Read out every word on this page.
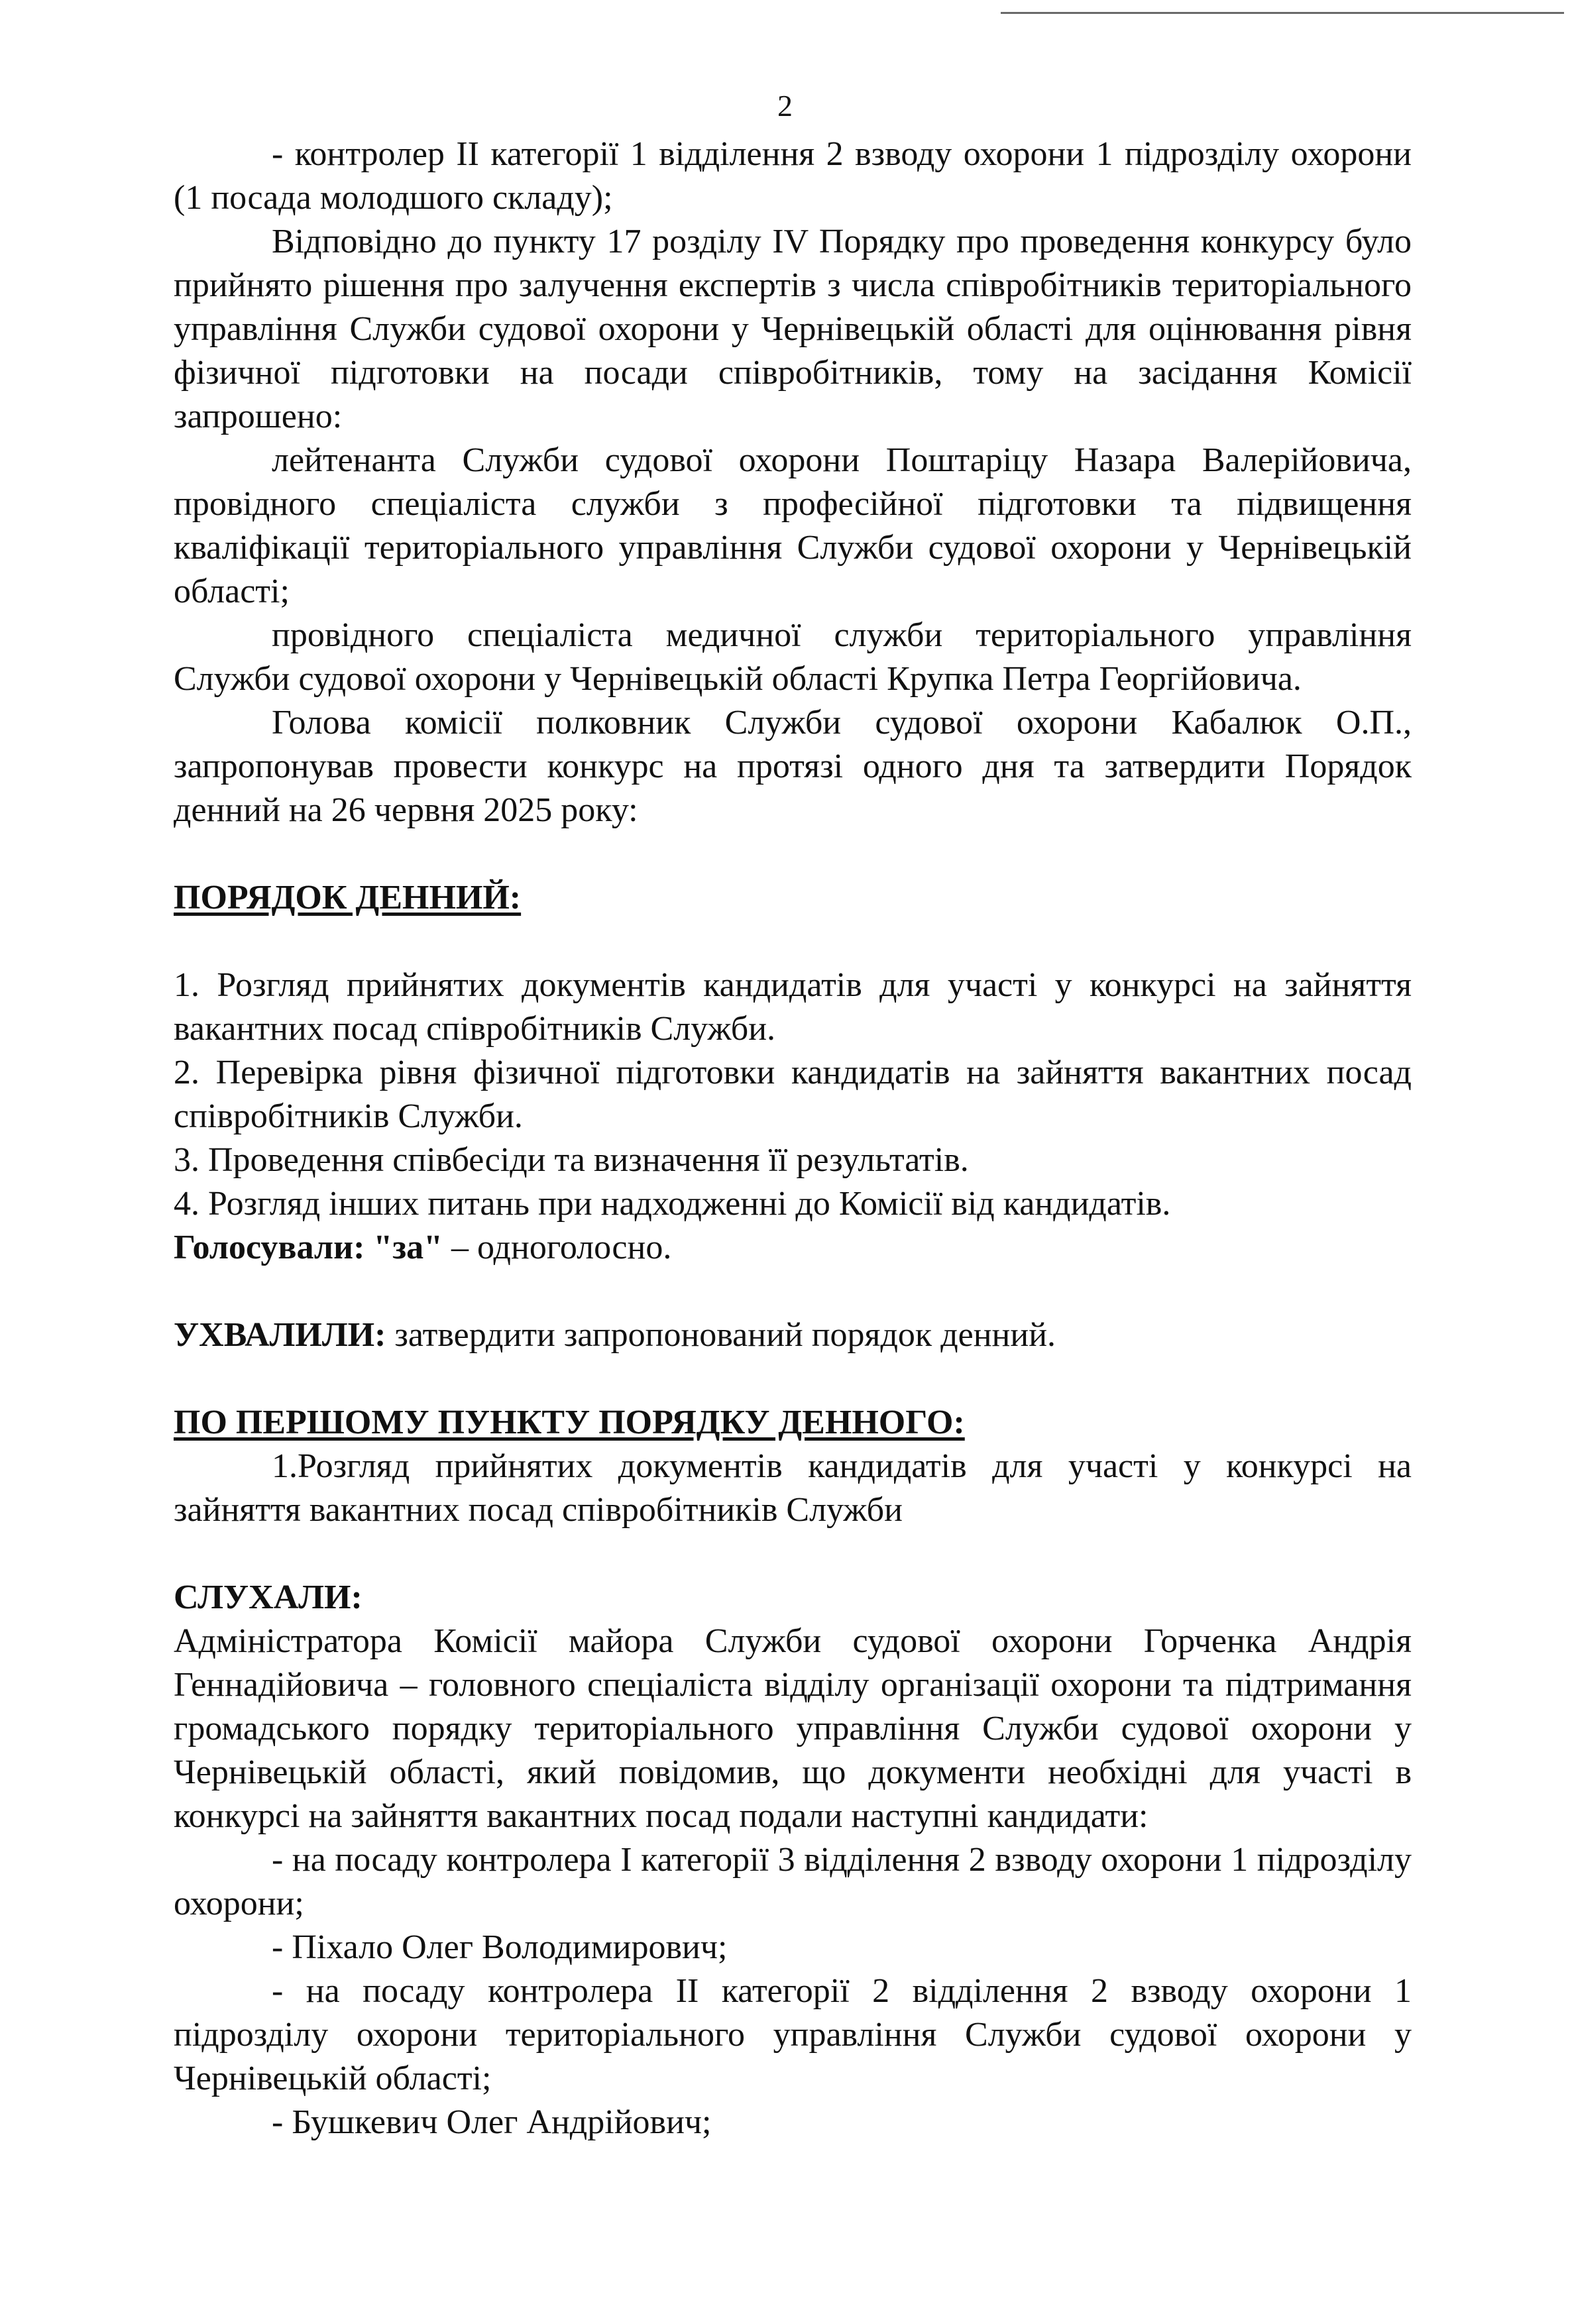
2

- контролер ІІ категорії 1 відділення 2 взводу охорони 1 підрозділу охорони (1 посада молодшого складу);

Відповідно до пункту 17 розділу IV Порядку про проведення конкурсу було прийнято рішення про залучення експертів з числа співробітників територіального управління Служби судової охорони у Чернівецькій області для оцінювання рівня фізичної підготовки на посади співробітників, тому на засідання Комісії запрошено:

лейтенанта Служби судової охорони Поштаріцу Назара Валерійовича, провідного спеціаліста служби з професійної підготовки та підвищення кваліфікації територіального управління Служби судової охорони у Чернівецькій області;

провідного спеціаліста медичної служби територіального управління Служби судової охорони у Чернівецькій області Крупка Петра Георгійовича.

Голова комісії полковник Служби судової охорони Кабалюк О.П., запропонував провести конкурс на протязі одного дня та затвердити Порядок денний на 26 червня 2025 року:

ПОРЯДОК ДЕННИЙ:

1. Розгляд прийнятих документів кандидатів для участі у конкурсі на зайняття вакантних посад співробітників Служби.

2. Перевірка рівня фізичної підготовки кандидатів на зайняття вакантних посад співробітників Служби.

3. Проведення співбесіди та визначення її результатів.

4. Розгляд інших питань при надходженні до Комісії від кандидатів.

Голосували: "за" – одноголосно.

УХВАЛИЛИ: затвердити запропонований порядок денний.

ПО ПЕРШОМУ ПУНКТУ ПОРЯДКУ ДЕННОГО:

1.Розгляд прийнятих документів кандидатів для участі у конкурсі на зайняття вакантних посад співробітників Служби

СЛУХАЛИ:

Адміністратора Комісії майора Служби судової охорони Горченка Андрія Геннадійовича – головного спеціаліста відділу організації охорони та підтримання громадського порядку територіального управління Служби судової охорони у Чернівецькій області, який повідомив, що документи необхідні для участі в конкурсі на зайняття вакантних посад подали наступні кандидати:

- на посаду контролера І категорії 3 відділення 2 взводу охорони 1 підрозділу охорони;

- Піхало Олег Володимирович;

- на посаду контролера ІІ категорії 2 відділення 2 взводу охорони 1 підрозділу охорони територіального управління Служби судової охорони у Чернівецькій області;

- Бушкевич Олег Андрійович;
